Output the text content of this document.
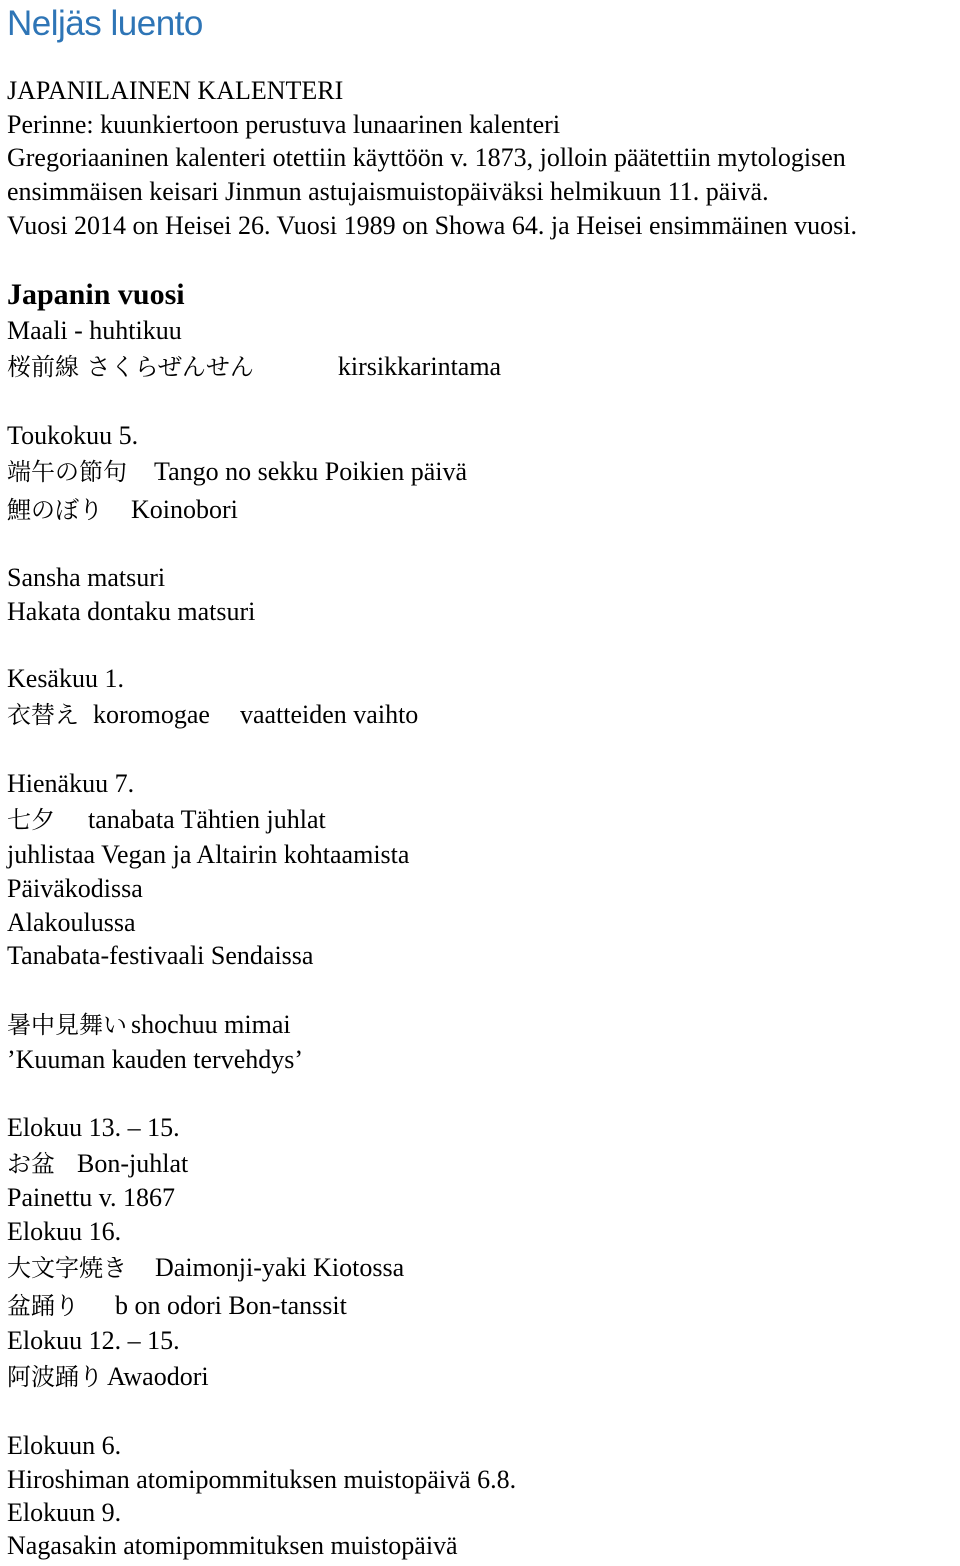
Neljäs luento
JAPANILAINEN KALENTERI
Perinne: kuunkiertoon perustuva lunaarinen kalenteri
Gregoriaaninen kalenteri otettiin käyttöön v. 1873, jolloin päätettiin mytologisen
ensimmäisen keisari Jinmun astujaismuistopäiväksi helmikuun 11. päivä.
Vuosi 2014 on Heisei 26. Vuosi 1989 on Showa 64. ja Heisei ensimmäinen vuosi.
Japanin vuosi
Maali - huhtikuu
桜前線 さくらぜんせん	kirsikkarintama
Toukokuu 5.
端午の節句 Tango no sekku Poikien päivä
鯉のぼり Koinobori
Sansha matsuri
Hakata dontaku matsuri
Kesäkuu 1.
衣替え koromogae vaatteiden vaihto
Hienäkuu 7.
七夕 tanabata Tähtien juhlat
juhlistaa Vegan ja Altairin kohtaamista
Päiväkodissa
Alakoulussa
Tanabata-festivaali Sendaissa
暑中見舞い shochuu mimai
’Kuuman kauden tervehdys’
Elokuu 13. – 15.
お盆 Bon-juhlat
Painettu v. 1867
Elokuu 16.
大文字焼き Daimonji-yaki Kiotossa
盆踊り b on odori Bon-tanssit
Elokuu 12. – 15.
阿波踊り Awaodori
Elokuun 6.
Hiroshiman atomipommituksen muistopäivä 6.8.
Elokuun 9.
Nagasakin atomipommituksen muistopäivä
